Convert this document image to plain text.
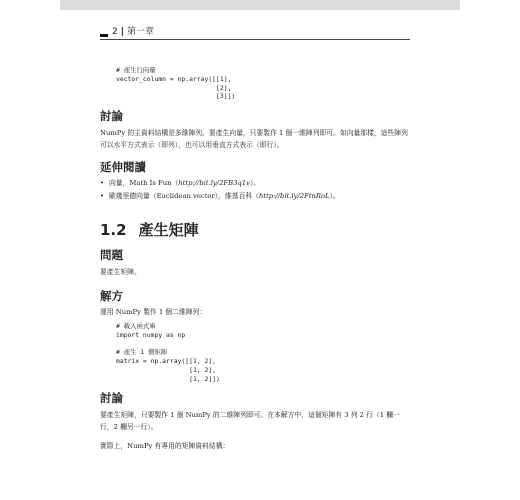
2 | 第一章
# 產生行向量
vector_column = np.array([[1],
[2],
[3]])
討論
NumPy 的主資料結構是多維陣列。要產生向量，只要製作 1 個一維陣列即可。如向量那樣，這些陣列可以水平方式表示（即列），也可以用垂直方式表示（即行）。
延伸閱讀
• 向量，Math Is Fun（http://bit.ly/2FB3q1v）。
• 歐幾里德向量（Euclidean vector），維基百科（http://bit.ly/2FtnRoL）。
1.2 產生矩陣
問題
要產生矩陣。
解方
運用 NumPy 製作 1 個二維陣列：
# 載入函式庫
import numpy as np

# 產生 1 個矩陣
matrix = np.array([[1, 2],
[1, 2],
[1, 2]])
討論
要產生矩陣，只要製作 1 個 NumPy 的二維陣列即可。在本解方中，這個矩陣有 3 列 2 行（1 欄一行，2 欄另一行）。
實際上，NumPy 有專用的矩陣資料結構：
